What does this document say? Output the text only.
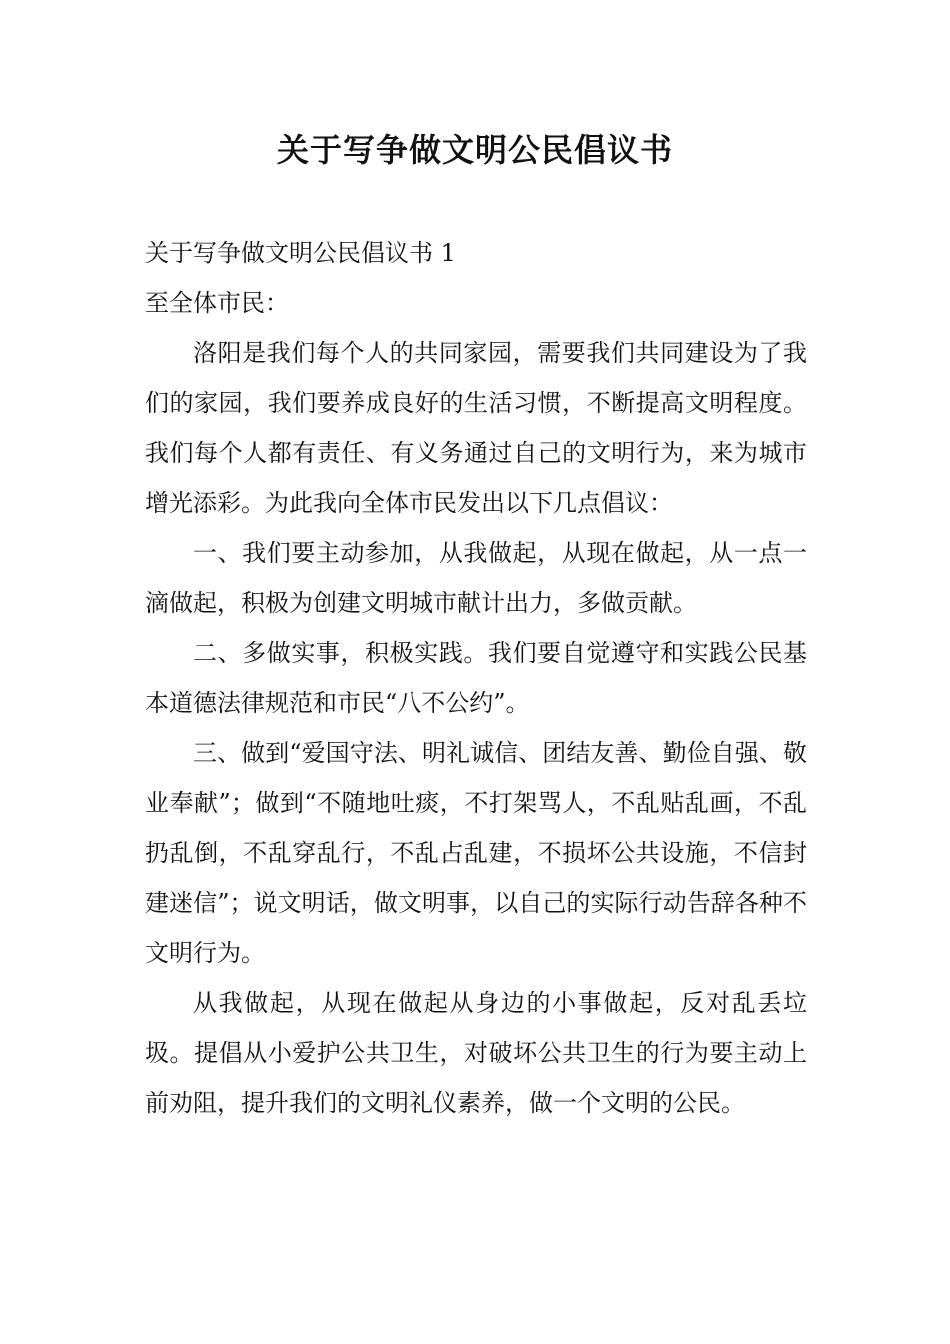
关于写争做文明公民倡议书
关于写争做文明公民倡议书 1

至全体市民：

洛阳是我们每个人的共同家园，需要我们共同建设为了我们的家园，我们要养成良好的生活习惯，不断提高文明程度。我们每个人都有责任、有义务通过自己的文明行为，来为城市增光添彩。为此我向全体市民发出以下几点倡议：

一、我们要主动参加，从我做起，从现在做起，从一点一滴做起，积极为创建文明城市献计出力，多做贡献。

二、多做实事，积极实践。我们要自觉遵守和实践公民基本道德法律规范和市民“八不公约”。

三、做到“爱国守法、明礼诚信、团结友善、勤俭自强、敬业奉献”；做到“不随地吐痰，不打架骂人，不乱贴乱画，不乱扔乱倒，不乱穿乱行，不乱占乱建，不损坏公共设施，不信封建迷信”；说文明话，做文明事，以自己的实际行动告辞各种不文明行为。

从我做起，从现在做起从身边的小事做起，反对乱丢垃圾。提倡从小爱护公共卫生，对破坏公共卫生的行为要主动上前劝阻，提升我们的文明礼仪素养，做一个文明的公民。
